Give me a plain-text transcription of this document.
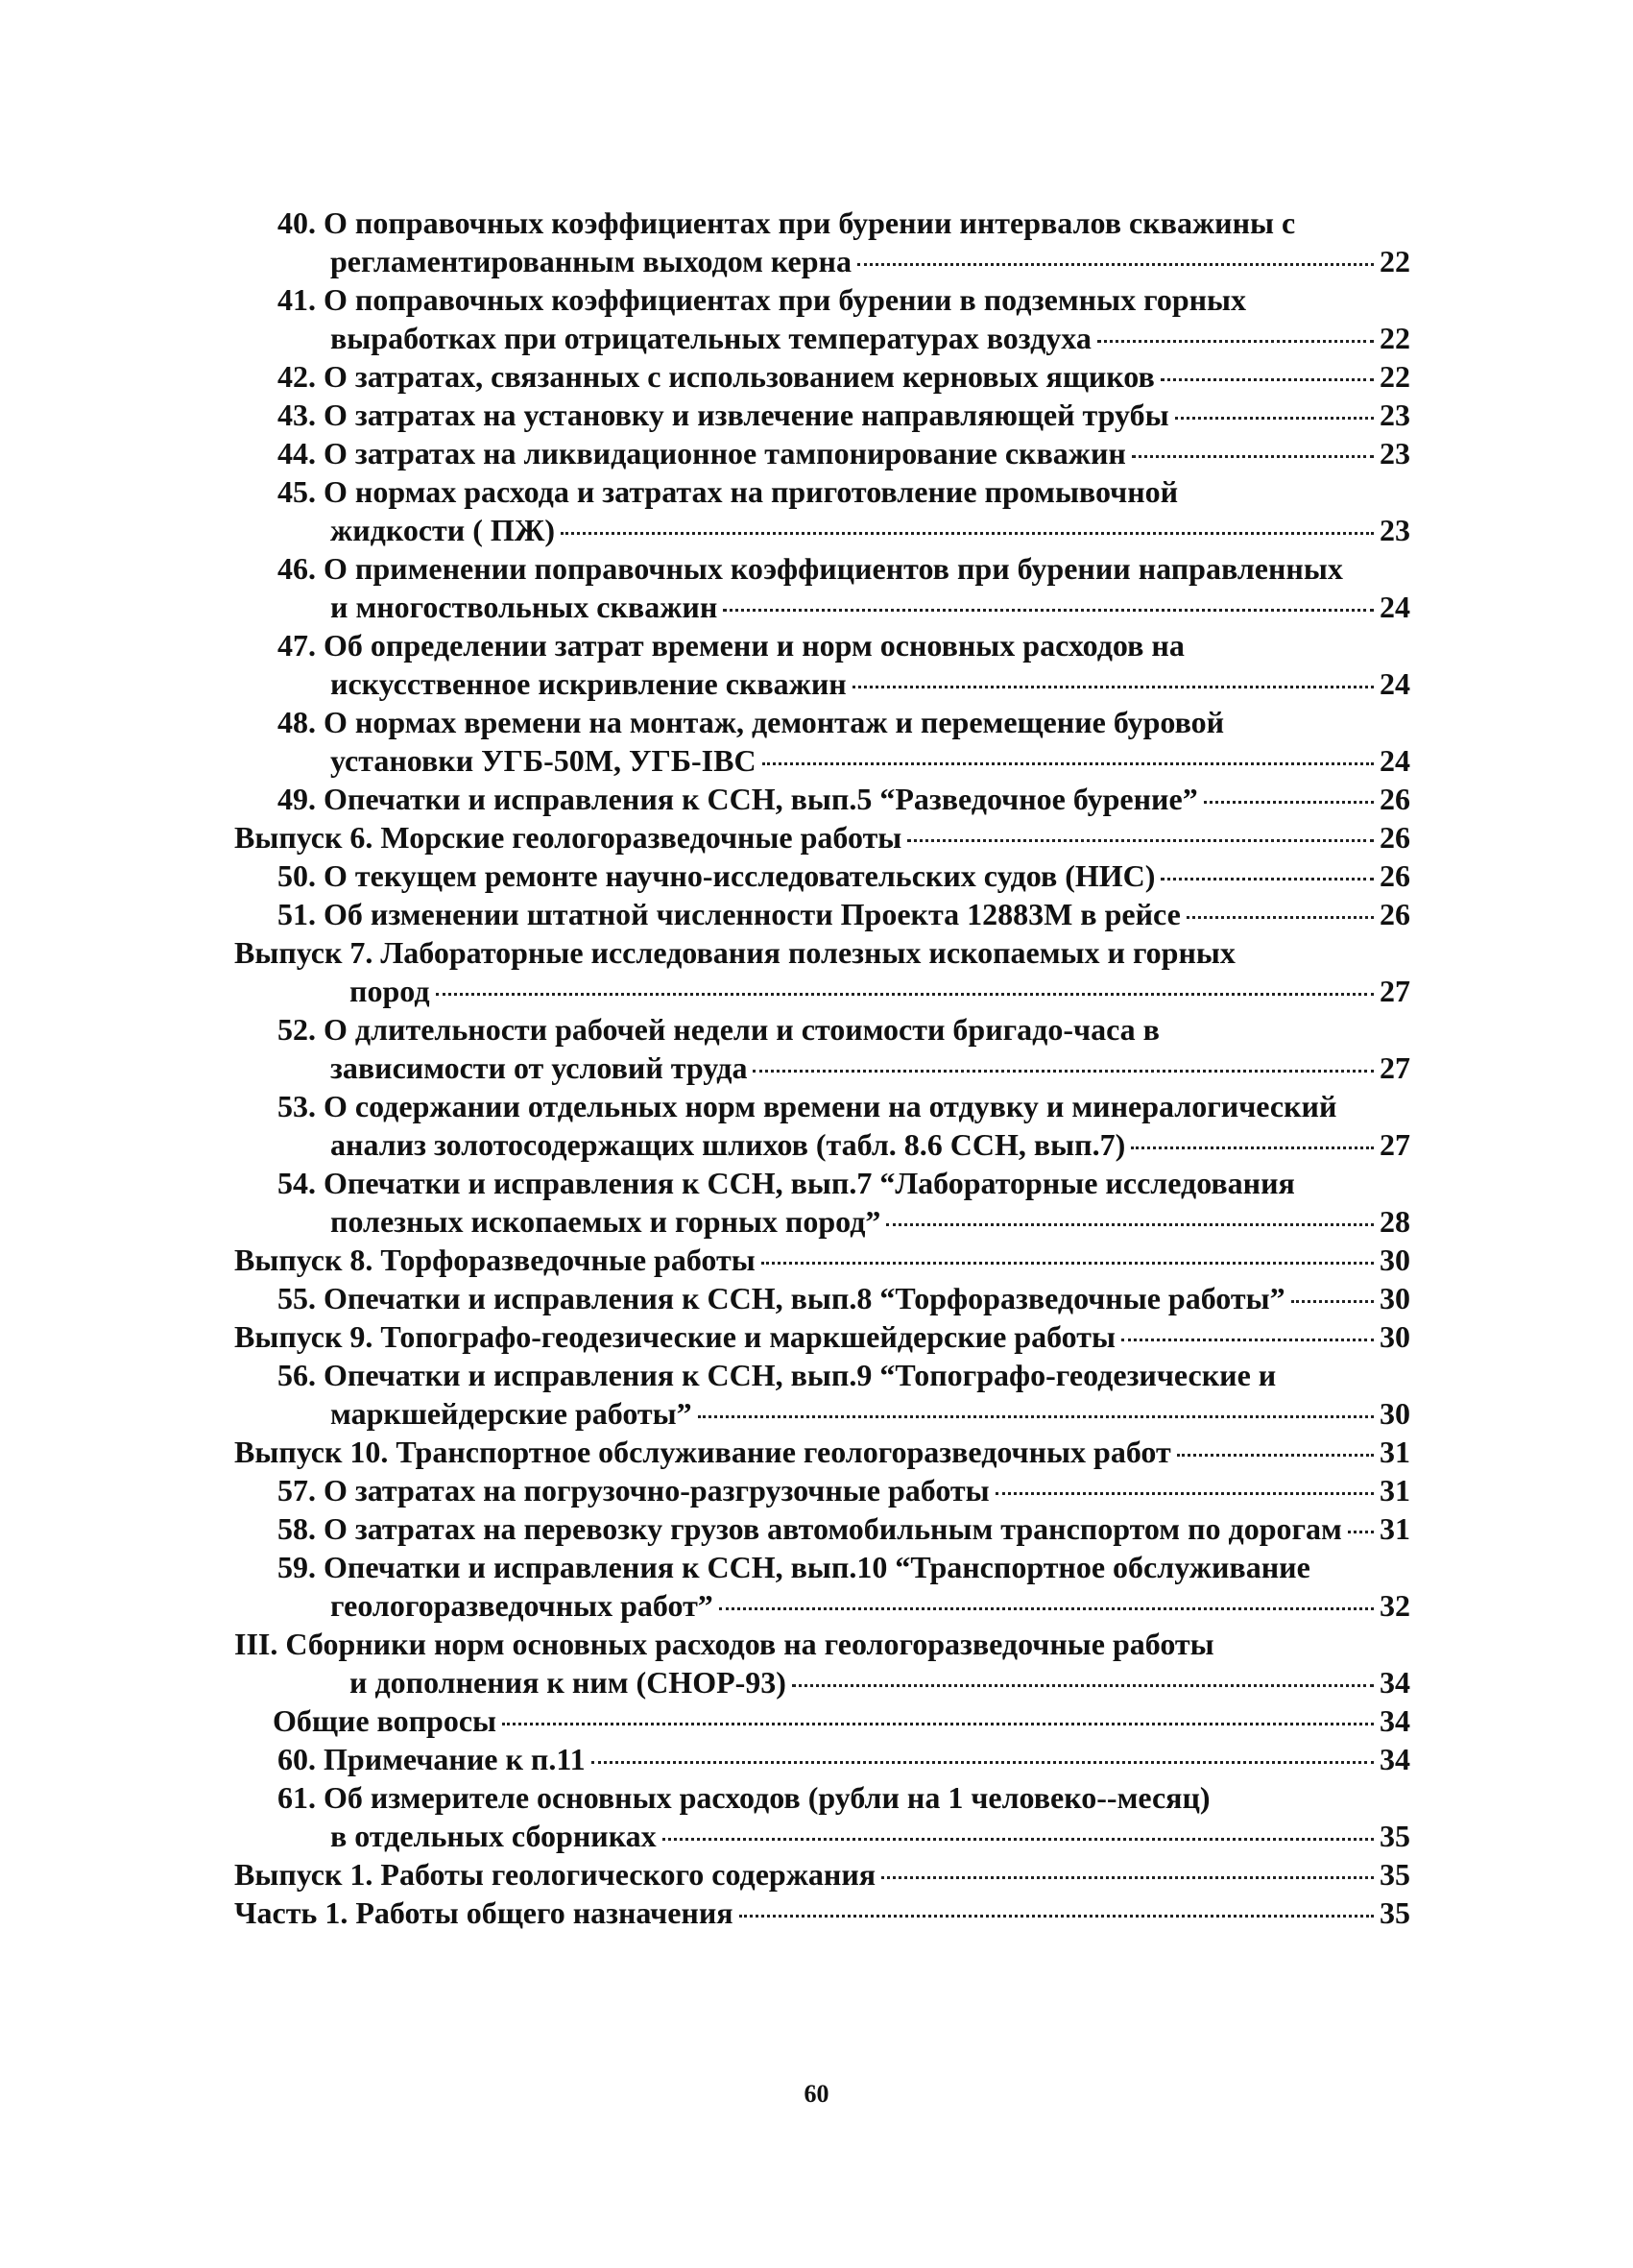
40. О поправочных коэффициентах при бурении интервалов скважины с
регламентированным выходом керна	22
41. О поправочных коэффициентах при бурении в подземных горных
выработках при отрицательных температурах воздуха	22
42. О затратах, связанных с использованием керновых ящиков	22
43. О затратах на установку и извлечение направляющей трубы	23
44. О затратах на ликвидационное тампонирование скважин	23
45. О нормах расхода и затратах на приготовление промывочной
жидкости ( ПЖ)	23
46. О применении поправочных коэффициентов при бурении направленных
и многоствольных скважин	24
47. Об определении затрат времени и норм основных расходов на
искусственное искривление скважин	24
48. О нормах времени на монтаж, демонтаж и перемещение буровой
установки УГБ-50М, УГБ-IВС	24
49. Опечатки и исправления к ССН, вып.5 “Разведочное бурение”	26
Выпуск 6. Морские геологоразведочные работы	26
50. О текущем ремонте научно-исследовательских судов (НИС)	26
51. Об изменении штатной численности Проекта 12883М в рейсе	26
Выпуск 7. Лабораторные исследования полезных ископаемых и горных
пород	27
52. О длительности рабочей недели и стоимости бригадо-часа в
зависимости от условий труда	27
53. О содержании отдельных норм времени на отдувку и минералогический
анализ золотосодержащих шлихов (табл. 8.6 ССН, вып.7)	27
54. Опечатки и исправления к ССН, вып.7 “Лабораторные исследования
полезных ископаемых и горных пород”	28
Выпуск 8. Торфоразведочные работы	30
55. Опечатки и исправления к ССН, вып.8 “Торфоразведочные работы”	30
Выпуск 9. Топографо-геодезические и маркшейдерские работы	30
56. Опечатки и исправления к ССН, вып.9 “Топографо-геодезические и
маркшейдерские работы”	30
Выпуск 10. Транспортное обслуживание геологоразведочных работ	31
57. О затратах на погрузочно-разгрузочные работы	31
58. О затратах на перевозку грузов автомобильным транспортом по дорогам 31
59. Опечатки и исправления к ССН, вып.10 “Транспортное обслуживание
геологоразведочных работ”	32
III. Сборники норм основных расходов на геологоразведочные работы
и дополнения к ним (СНОР-93)	34
Общие вопросы	34
60. Примечание к п.11	34
61. Об измерителе основных расходов (рубли на 1 человеко--месяц)
в отдельных сборниках	35
Выпуск 1. Работы геологического содержания	35
Часть 1. Работы общего назначения	35
60
